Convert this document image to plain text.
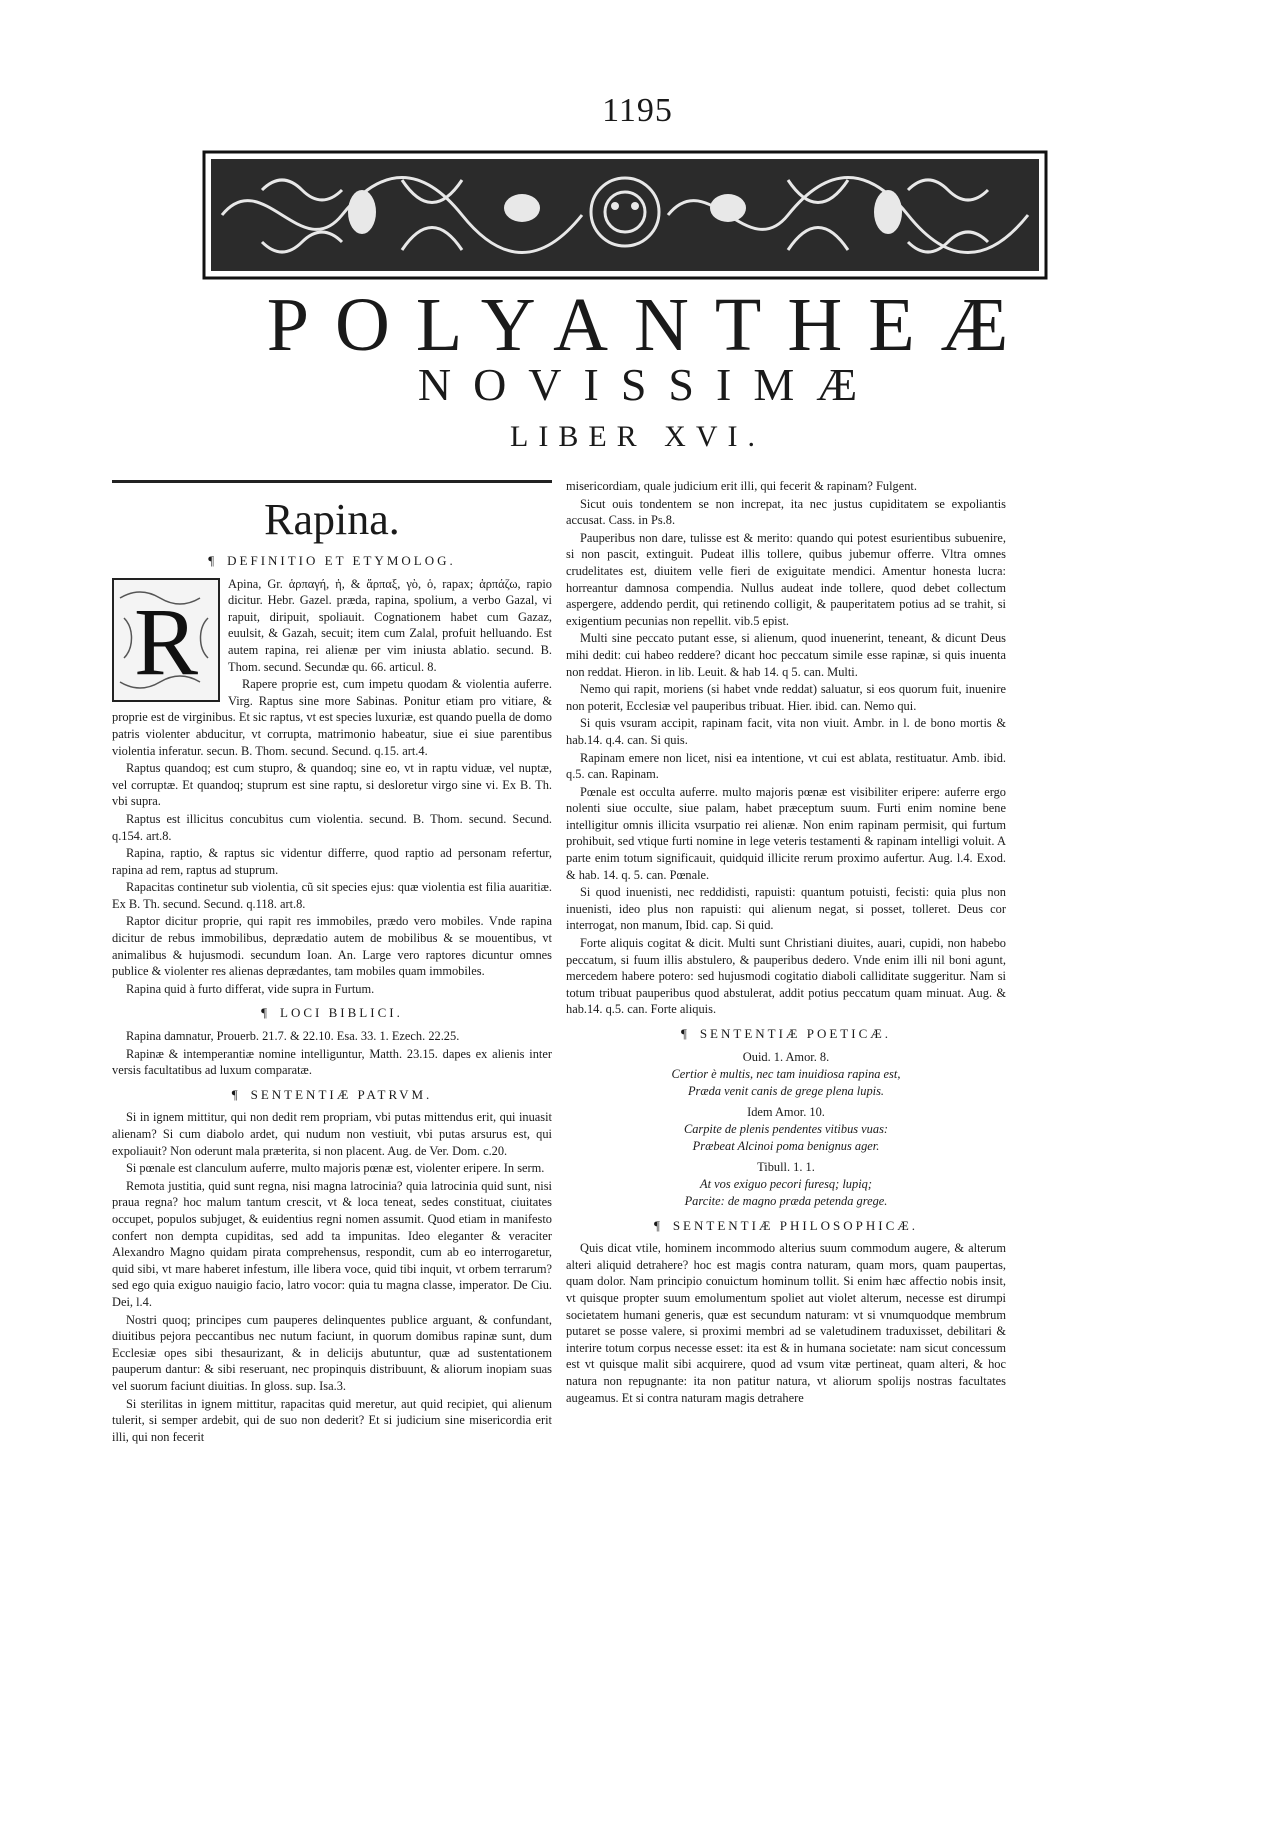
1195
POLYANTHEÆ
NOVISSIMÆ
LIBER XVI.
Rapina.
¶ DEFINITIO ET ETYMOLOG.
R

Apina, Gr. ἁρπαγή, ἡ, & ἅρπαξ, γὸ, ὁ, rapax; ἁρπάζω, rapio dicitur. Hebr. Gazel. præda, rapina, spolium, a verbo Gazal, vi rapuit, diripuit, spoliauit. Cognationem habet cum Gazaz, euulsit, & Gazah, secuit; item cum Zalal, profuit helluando. Est autem rapina, rei alienæ per vim iniusta ablatio. secund. B. Thom. secund. Secundæ qu. 66. articul. 8.

Rapere proprie est, cum impetu quodam & violentia auferre. Virg. Raptus sine more Sabinas. Ponitur etiam pro vitiare, & proprie est de virginibus. Et sic raptus, vt est species luxuriæ, est quando puella de domo patris violenter abducitur, vt corrupta, matrimonio habeatur, siue ei siue parentibus violentia inferatur. secun. B. Thom. secund. Secund. q.15. art.4.

Raptus quandoq; est cum stupro, & quandoq; sine eo, vt in raptu viduæ, vel nuptæ, vel corruptæ. Et quandoq; stuprum est sine raptu, si desloretur virgo sine vi. Ex B. Th. vbi supra.

Raptus est illicitus concubitus cum violentia. secund. B. Thom. secund. Secund. q.154. art.8.

Rapina, raptio, & raptus sic videntur differre, quod raptio ad personam refertur, rapina ad rem, raptus ad stuprum.

Rapacitas continetur sub violentia, cũ sit species ejus: quæ violentia est filia auaritiæ. Ex B. Th. secund. Secund. q.118. art.8.

Raptor dicitur proprie, qui rapit res immobiles, prædo vero mobiles. Vnde rapina dicitur de rebus immobilibus, deprædatio autem de mobilibus & se mouentibus, vt animalibus & hujusmodi. secundum Ioan. An. Large vero raptores dicuntur omnes publice & violenter res alienas deprædantes, tam mobiles quam immobiles.

Rapina quid à furto differat, vide supra in Furtum.

¶ LOCI BIBLICI.

Rapina damnatur, Prouerb. 21.7. & 22.10. Esa. 33. 1. Ezech. 22.25.

Rapinæ & intemperantiæ nomine intelliguntur, Matth. 23.15. dapes ex alienis inter versis facultatibus ad luxum comparatæ.

¶ SENTENTIÆ PATRVM.

Si in ignem mittitur, qui non dedit rem propriam, vbi putas mittendus erit, qui inuasit alienam? Si cum diabolo ardet, qui nudum non vestiuit, vbi putas arsurus est, qui expoliauit? Non oderunt mala præterita, si non placent. Aug. de Ver. Dom. c.20.

Si pœnale est clanculum auferre, multo majoris pœnæ est, violenter eripere. In serm.

Remota justitia, quid sunt regna, nisi magna latrocinia? quia latrocinia quid sunt, nisi praua regna? hoc malum tantum crescit, vt & loca teneat, sedes constituat, ciuitates occupet, populos subjuget, & euidentius regni nomen assumit. Quod etiam in manifesto confert non dempta cupiditas, sed add ta impunitas. Ideo eleganter & veraciter Alexandro Magno quidam pirata comprehensus, respondit, cum ab eo interrogaretur, quid sibi, vt mare haberet infestum, ille libera voce, quid tibi inquit, vt orbem terrarum? sed ego quia exiguo nauigio facio, latro vocor: quia tu magna classe, imperator. De Ciu. Dei, l.4.

Nostri quoq; principes cum pauperes delinquentes publice arguant, & confundant, diuitibus pejora peccantibus nec nutum faciunt, in quorum domibus rapinæ sunt, dum Ecclesiæ opes sibi thesaurizant, & in delicijs abutuntur, quæ ad sustentationem pauperum dantur: & sibi reseruant, nec propinquis distribuunt, & aliorum inopiam suas vel suorum faciunt diuitias. In gloss. sup. Isa.3.

Si sterilitas in ignem mittitur, rapacitas quid meretur, aut quid recipiet, qui alienum tulerit, si semper ardebit, qui de suo non dederit? Et si judicium sine misericordia erit illi, qui non fecerit

misericordiam, quale judicium erit illi, qui fecerit & rapinam? Fulgent.

Sicut ouis tondentem se non increpat, ita nec justus cupiditatem se expoliantis accusat. Cass. in Ps.8.

Pauperibus non dare, tulisse est & merito: quando qui potest esurientibus subuenire, si non pascit, extinguit. Pudeat illis tollere, quibus jubemur offerre. Vltra omnes crudelitates est, diuitem velle fieri de exiguitate mendici. Amentur honesta lucra: horreantur damnosa compendia. Nullus audeat inde tollere, quod debet collectum aspergere, addendo perdit, qui retinendo colligit, & pauperitatem potius ad se trahit, si exigentium pecunias non repellit. vib.5 epist.

Multi sine peccato putant esse, si alienum, quod inuenerint, teneant, & dicunt Deus mihi dedit: cui habeo reddere? dicant hoc peccatum simile esse rapinæ, si quis inuenta non reddat. Hieron. in lib. Leuit. & hab 14. q 5. can. Multi.

Nemo qui rapit, moriens (si habet vnde reddat) saluatur, si eos quorum fuit, inuenire non poterit, Ecclesiæ vel pauperibus tribuat. Hier. ibid. can. Nemo qui.

Si quis vsuram accipit, rapinam facit, vita non viuit. Ambr. in l. de bono mortis & hab.14. q.4. can. Si quis.

Rapinam emere non licet, nisi ea intentione, vt cui est ablata, restituatur. Amb. ibid. q.5. can. Rapinam.

Pœnale est occulta auferre. multo majoris pœnæ est visibiliter eripere: auferre ergo nolenti siue occulte, siue palam, habet præceptum suum. Furti enim nomine bene intelligitur omnis illicita vsurpatio rei alienæ. Non enim rapinam permisit, qui furtum prohibuit, sed vtique furti nomine in lege veteris testamenti & rapinam intelligi voluit. A parte enim totum significauit, quidquid illicite rerum proximo aufertur. Aug. l.4. Exod. & hab. 14. q. 5. can. Pœnale.

Si quod inuenisti, nec reddidisti, rapuisti: quantum potuisti, fecisti: quia plus non inuenisti, ideo plus non rapuisti: qui alienum negat, si posset, tolleret. Deus cor interrogat, non manum, Ibid. cap. Si quid.

Forte aliquis cogitat & dicit. Multi sunt Christiani diuites, auari, cupidi, non habebo peccatum, si fuum illis abstulero, & pauperibus dedero. Vnde enim illi nil boni agunt, mercedem habere potero: sed hujusmodi cogitatio diaboli calliditate suggeritur. Nam si totum tribuat pauperibus quod abstulerat, addit potius peccatum quam minuat. Aug. & hab.14. q.5. can. Forte aliquis.

¶ SENTENTIÆ POETICÆ.
Ouid. 1. Amor. 8.
Certior è multis, nec tam inuidiosa rapina est,
Præda venit canis de grege plena lupis.
Idem Amor. 10.
Carpite de plenis pendentes vitibus vuas:
Præbeat Alcinoi poma benignus ager.
Tibull. 1. 1.
At vos exiguo pecori furesq; lupiq;
Parcite: de magno præda petenda grege.
¶ SENTENTIÆ PHILOSOPHICÆ.

Quis dicat vtile, hominem incommodo alterius suum commodum augere, & alterum alteri aliquid detrahere? hoc est magis contra naturam, quam mors, quam paupertas, quam dolor. Nam principio conuictum hominum tollit. Si enim hæc affectio nobis insit, vt quisque propter suum emolumentum spoliet aut violet alterum, necesse est dirumpi societatem humani generis, quæ est secundum naturam: vt si vnumquodque membrum putaret se posse valere, si proximi membri ad se valetudinem traduxisset, debilitari & interire totum corpus necesse esset: ita est & in humana societate: nam sicut concessum est vt quisque malit sibi acquirere, quod ad vsum vitæ pertineat, quam alteri, & hoc natura non repugnante: ita non patitur natura, vt aliorum spolijs nostras facultates augeamus. Et si contra naturam magis detrahere
